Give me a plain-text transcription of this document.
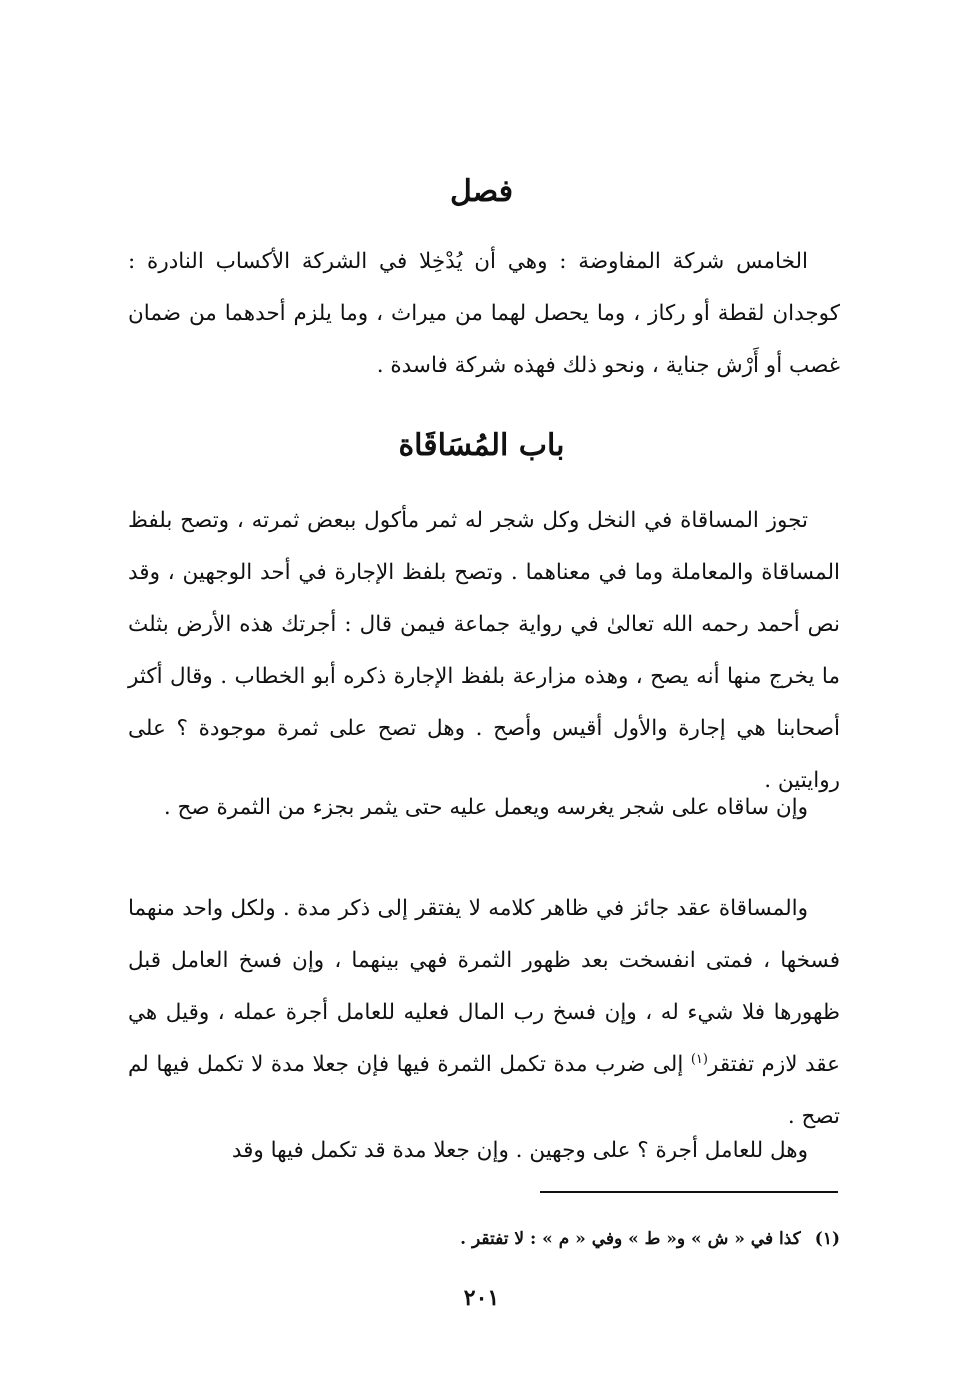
فصل

الخامس شركة المفاوضة : وهي أن يُدْخِلا في الشركة الأكساب النادرة : كوجدان لقطة أو ركاز ، وما يحصل لهما من ميراث ، وما يلزم أحدهما من ضمان غصب أو أَرْش جناية ، ونحو ذلك فهذه شركة فاسدة .

باب المُسَاقَاة

تجوز المساقاة في النخل وكل شجر له ثمر مأكول ببعض ثمرته ، وتصح بلفظ المساقاة والمعاملة وما في معناهما . وتصح بلفظ الإجارة في أحد الوجهين ، وقد نص أحمد رحمه الله تعالىٰ في رواية جماعة فيمن قال : أجرتك هذه الأرض بثلث ما يخرج منها أنه يصح ، وهذه مزارعة بلفظ الإجارة ذكره أبو الخطاب . وقال أكثر أصحابنا هي إجارة والأول أقيس وأصح . وهل تصح على ثمرة موجودة ؟ على روايتين .

وإن ساقاه على شجر يغرسه ويعمل عليه حتى يثمر بجزء من الثمرة صح .

والمساقاة عقد جائز في ظاهر كلامه لا يفتقر إلى ذكر مدة . ولكل واحد منهما فسخها ، فمتى انفسخت بعد ظهور الثمرة فهي بينهما ، وإن فسخ العامل قبل ظهورها فلا شيء له ، وإن فسخ رب المال فعليه للعامل أجرة عمله ، وقيل هي عقد لازم تفتقر$^{(١)}$ إلى ضرب مدة تكمل الثمرة فيها فإن جعلا مدة لا تكمل فيها لم تصح .

وهل للعامل أجرة ؟ على وجهين . وإن جعلا مدة قد تكمل فيها وقد

(١)كذا في « ش » و« ط » وفي « م » : لا تفتقر .
٢٠١
